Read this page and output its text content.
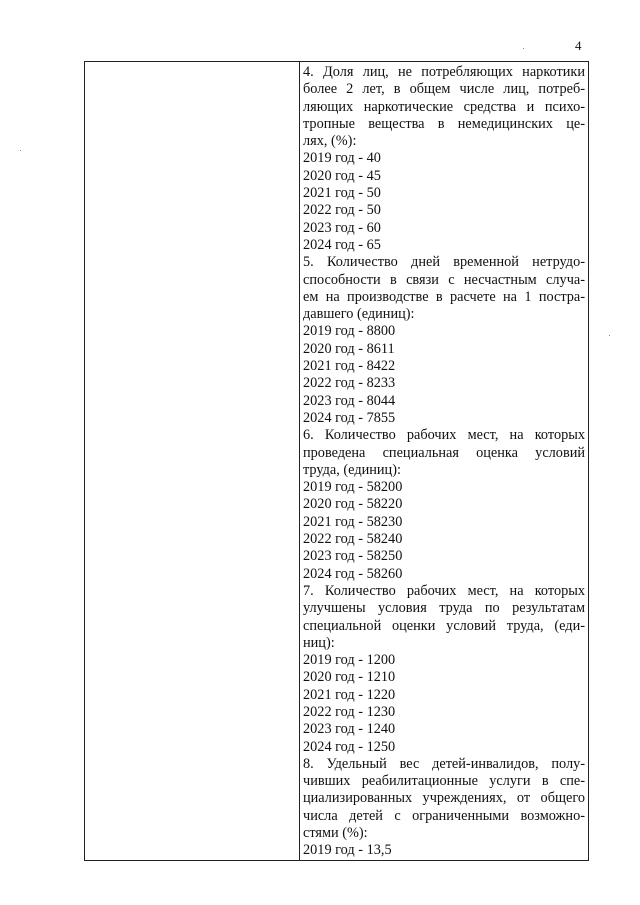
4

4. Доля лиц, не потребляющих наркотики
более 2 лет, в общем числе лиц, потреб-
ляющих наркотические средства и психо-
тропные вещества в немедицинских це-
лях, (%):
2019 год - 40
2020 год - 45
2021 год - 50
2022 год - 50
2023 год - 60
2024 год - 65
5. Количество дней временной нетрудо-
способности в связи с несчастным случа-
ем на производстве в расчете на 1 постра-
давшего (единиц):
2019 год - 8800
2020 год - 8611
2021 год - 8422
2022 год - 8233
2023 год - 8044
2024 год - 7855
6. Количество рабочих мест, на которых
проведена специальная оценка условий
труда, (единиц):
2019 год - 58200
2020 год - 58220
2021 год - 58230
2022 год - 58240
2023 год - 58250
2024 год - 58260
7. Количество рабочих мест, на которых
улучшены условия труда по результатам
специальной оценки условий труда, (еди-
ниц):
2019 год - 1200
2020 год - 1210
2021 год - 1220
2022 год - 1230
2023 год - 1240
2024 год - 1250
8. Удельный вес детей-инвалидов, полу-
чивших реабилитационные услуги в спе-
циализированных учреждениях, от общего
числа детей с ограниченными возможно-
стями (%):
2019 год - 13,5
